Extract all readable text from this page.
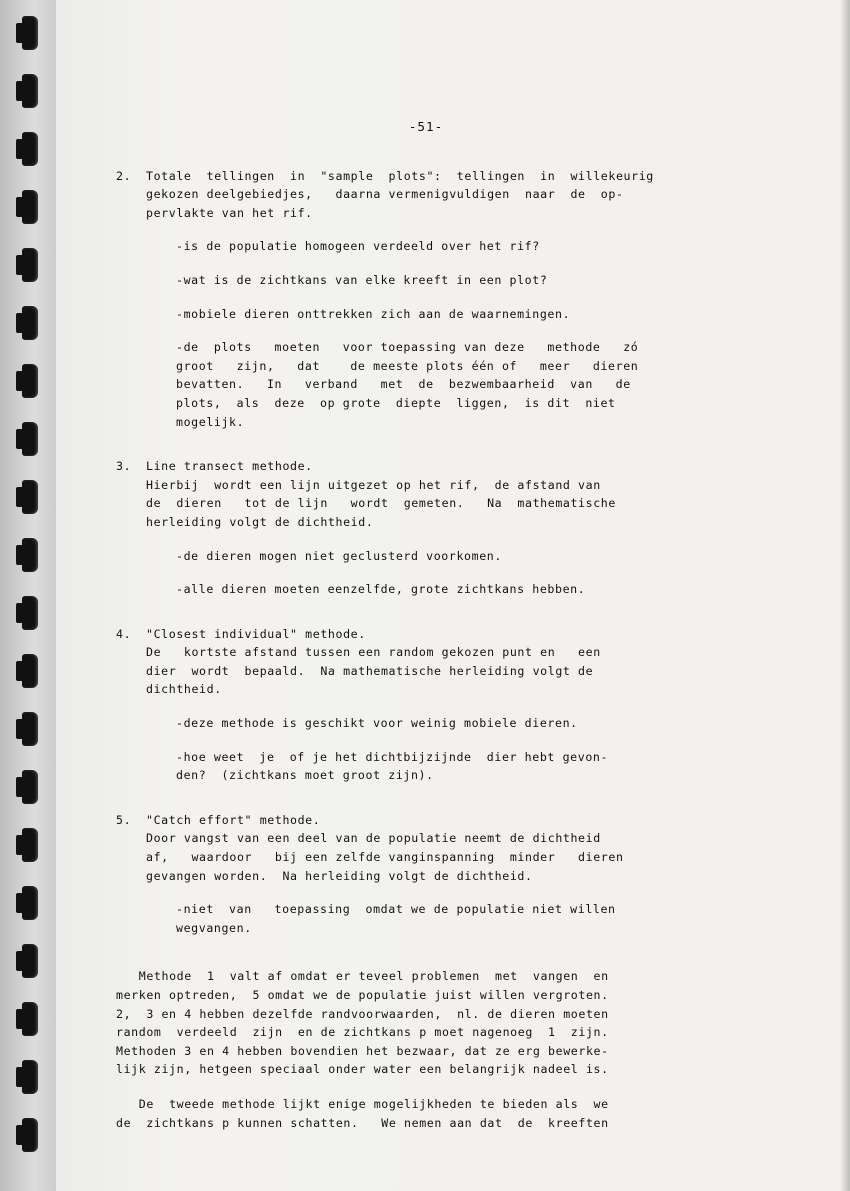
-51-
2.	Totale  tellingen  in  "sample  plots":  tellingen  in  willekeurig
gekozen deelgebiedjes,   daarna vermenigvuldigen  naar  de  op-
pervlakte van het rif.
-is de populatie homogeen verdeeld over het rif?
-wat is de zichtkans van elke kreeft in een plot?
-mobiele dieren onttrekken zich aan de waarnemingen.
-de  plots   moeten   voor toepassing van deze   methode   zó
groot   zijn,   dat    de meeste plots één of   meer   dieren
bevatten.   In   verband   met  de  bezwembaarheid  van   de
plots,  als  deze  op grote  diepte  liggen,  is dit  niet
mogelijk.
3.	Line transect methode.
Hierbij  wordt een lijn uitgezet op het rif,  de afstand van
de  dieren   tot de lijn   wordt  gemeten.   Na  mathematische
herleiding volgt de dichtheid.
-de dieren mogen niet geclusterd voorkomen.
-alle dieren moeten eenzelfde, grote zichtkans hebben.
4.	"Closest individual" methode.
De   kortste afstand tussen een random gekozen punt en   een
dier  wordt  bepaald.  Na mathematische herleiding volgt de
dichtheid.
-deze methode is geschikt voor weinig mobiele dieren.
-hoe weet  je  of je het dichtbijzijnde  dier hebt gevon-
den?  (zichtkans moet groot zijn).
5.	"Catch effort" methode.
Door vangst van een deel van de populatie neemt de dichtheid
af,   waardoor   bij een zelfde vanginspanning  minder   dieren
gevangen worden.  Na herleiding volgt de dichtheid.
-niet  van   toepassing  omdat we de populatie niet willen
wegvangen.
Methode  1  valt af omdat er teveel problemen  met  vangen  en
merken optreden,  5 omdat we de populatie juist willen vergroten.
2,  3 en 4 hebben dezelfde randvoorwaarden,  nl. de dieren moeten
random  verdeeld  zijn  en de zichtkans p moet nagenoeg  1  zijn.
Methoden 3 en 4 hebben bovendien het bezwaar, dat ze erg bewerke-
lijk zijn, hetgeen speciaal onder water een belangrijk nadeel is.
De  tweede methode lijkt enige mogelijkheden te bieden als  we
de  zichtkans p kunnen schatten.   We nemen aan dat  de  kreeften
